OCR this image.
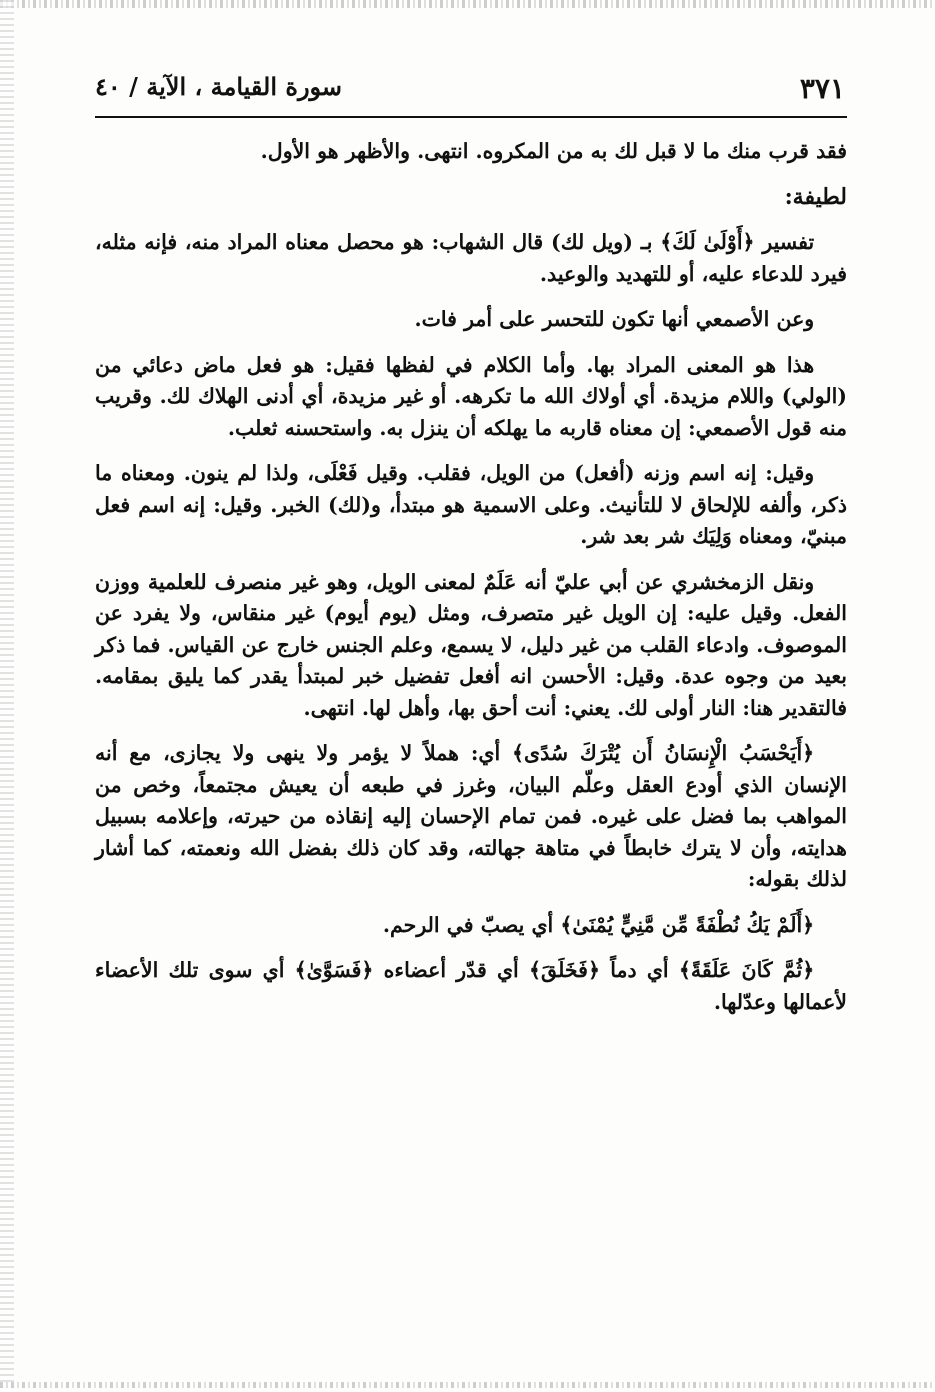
٣٧١
سورة القيامة ، الآية / ٤٠

فقد قرب منك ما لا قبل لك به من المكروه. انتهى. والأظهر هو الأول.

لطيفة:

تفسير ﴿أَوْلَىٰ لَكَ﴾ بـ (ويل لك) قال الشهاب: هو محصل معناه المراد منه، فإنه مثله، فيرد للدعاء عليه، أو للتهديد والوعيد.

وعن الأصمعي أنها تكون للتحسر على أمر فات.

هذا هو المعنى المراد بها. وأما الكلام في لفظها فقيل: هو فعل ماض دعائي من (الولي) واللام مزيدة. أي أولاك الله ما تكرهه. أو غير مزيدة، أي أدنى الهلاك لك. وقريب منه قول الأصمعي: إن معناه قاربه ما يهلكه أن ينزل به. واستحسنه ثعلب.

وقيل: إنه اسم وزنه (أفعل) من الويل، فقلب. وقيل فَعْلَى، ولذا لم ينون. ومعناه ما ذكر، وألفه للإلحاق لا للتأنيث. وعلى الاسمية هو مبتدأ، و(لك) الخبر. وقيل: إنه اسم فعل مبنيّ، ومعناه وَلِيَك شر بعد شر.

ونقل الزمخشري عن أبي عليّ أنه عَلَمٌ لمعنى الويل، وهو غير منصرف للعلمية ووزن الفعل. وقيل عليه: إن الويل غير متصرف، ومثل (يوم أيوم) غير منقاس، ولا يفرد عن الموصوف. وادعاء القلب من غير دليل، لا يسمع، وعلم الجنس خارج عن القياس. فما ذكر بعيد من وجوه عدة. وقيل: الأحسن انه أفعل تفضيل خبر لمبتدأ يقدر كما يليق بمقامه. فالتقدير هنا: النار أولى لك. يعني: أنت أحق بها، وأهل لها. انتهى.

﴿أَيَحْسَبُ الْإِنسَانُ أَن يُتْرَكَ سُدًى﴾ أي: هملاً لا يؤمر ولا ينهى ولا يجازى، مع أنه الإنسان الذي أودع العقل وعلّم البيان، وغرز في طبعه أن يعيش مجتمعاً، وخص من المواهب بما فضل على غيره. فمن تمام الإحسان إليه إنقاذه من حيرته، وإعلامه بسبيل هدايته، وأن لا يترك خابطاً في متاهة جهالته، وقد كان ذلك بفضل الله ونعمته، كما أشار لذلك بقوله:

﴿أَلَمْ يَكُ نُطْفَةً مِّن مَّنِيٍّ يُمْنَىٰ﴾ أي يصبّ في الرحم.

﴿ثُمَّ كَانَ عَلَقَةً﴾ أي دماً ﴿فَخَلَقَ﴾ أي قدّر أعضاءه ﴿فَسَوَّىٰ﴾ أي سوى تلك الأعضاء لأعمالها وعدّلها.
